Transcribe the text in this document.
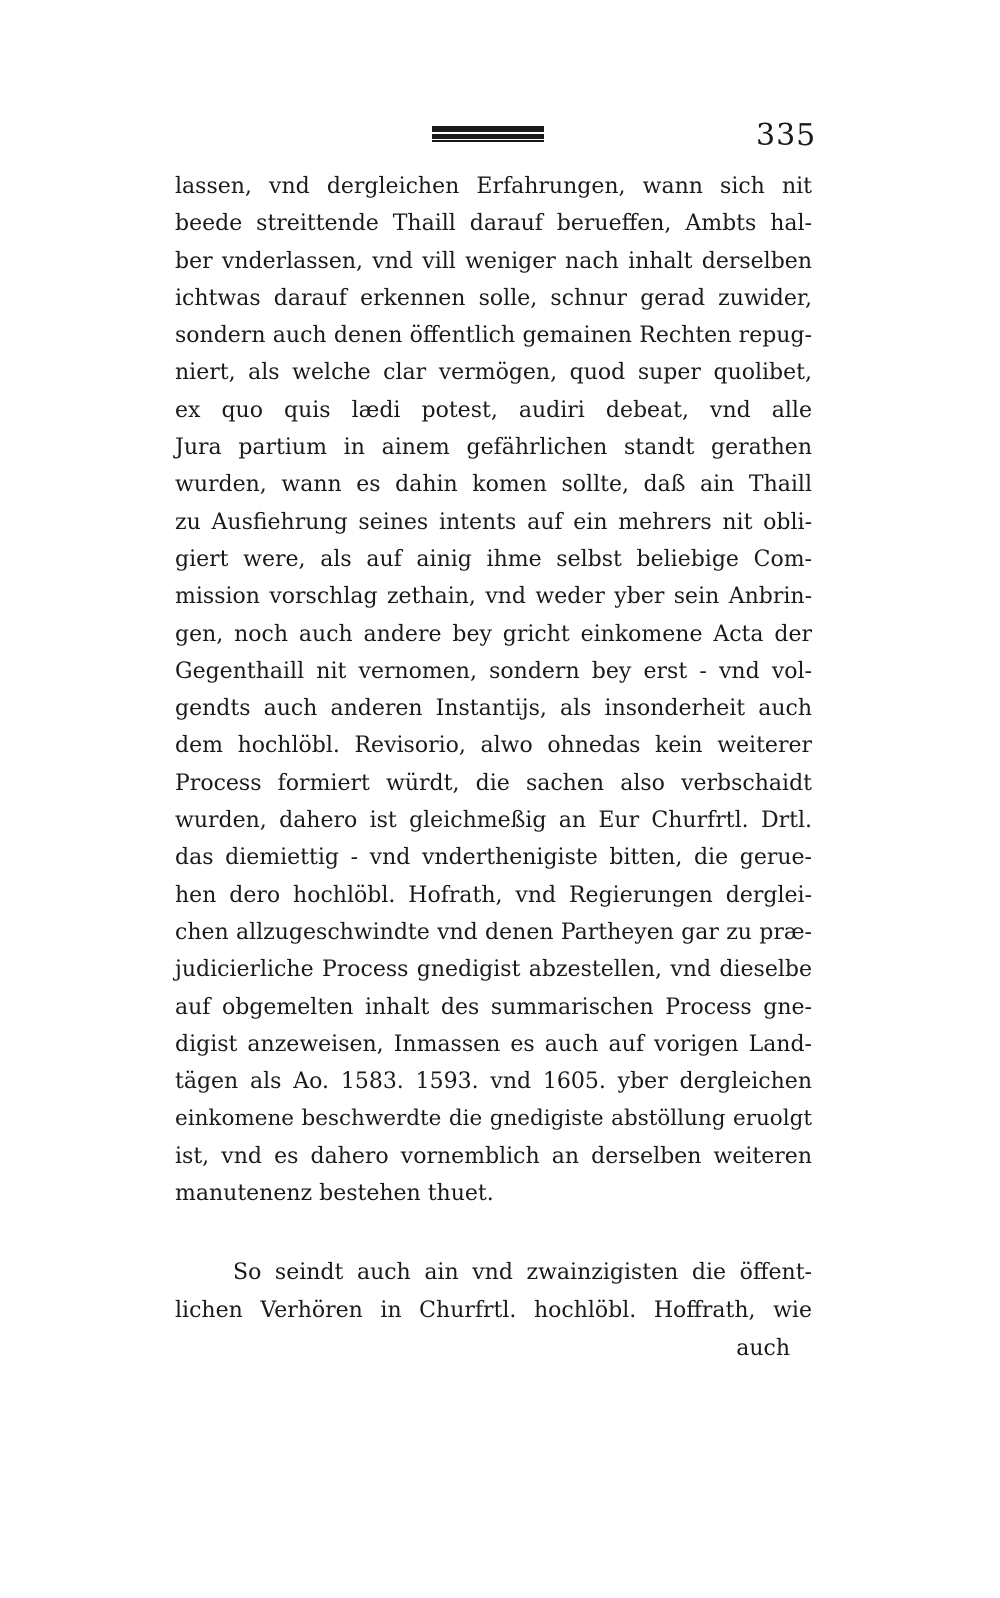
335
lassen, vnd dergleichen Erfahrungen, wann sich nit
beede streittende Thaill darauf berueffen, Ambts hal-
ber vnderlassen, vnd vill weniger nach inhalt derselben
ichtwas darauf erkennen solle, schnur gerad zuwider,
sondern auch denen öffentlich gemainen Rechten repug-
niert, als welche clar vermögen, quod super quolibet,
ex quo quis lædi potest, audiri debeat, vnd alle
Jura partium in ainem gefährlichen standt gerathen
wurden, wann es dahin komen sollte, daß ain Thaill
zu Ausfiehrung seines intents auf ein mehrers nit obli-
giert were, als auf ainig ihme selbst beliebige Com-
mission vorschlag zethain, vnd weder yber sein Anbrin-
gen, noch auch andere bey gricht einkomene Acta der
Gegenthaill nit vernomen, sondern bey erst - vnd vol-
gendts auch anderen Instantijs, als insonderheit auch
dem hochlöbl. Revisorio, alwo ohnedas kein weiterer
Process formiert würdt, die sachen also verbschaidt
wurden, dahero ist gleichmeßig an Eur Churfrtl. Drtl.
das diemiettig - vnd vnderthenigiste bitten, die gerue-
hen dero hochlöbl. Hofrath, vnd Regierungen derglei-
chen allzugeschwindte vnd denen Partheyen gar zu præ-
judicierliche Process gnedigist abzestellen, vnd dieselbe
auf obgemelten inhalt des summarischen Process gne-
digist anzeweisen, Inmassen es auch auf vorigen Land-
tägen als Ao. 1583. 1593. vnd 1605. yber dergleichen
einkomene beschwerdte die gnedigiste abstöllung eruolgt
ist, vnd es dahero vornemblich an derselben weiteren
manutenenz bestehen thuet.
So seindt auch ain vnd zwainzigisten die öffent-
lichen Verhören in Churfrtl. hochlöbl. Hoffrath, wie
auch
